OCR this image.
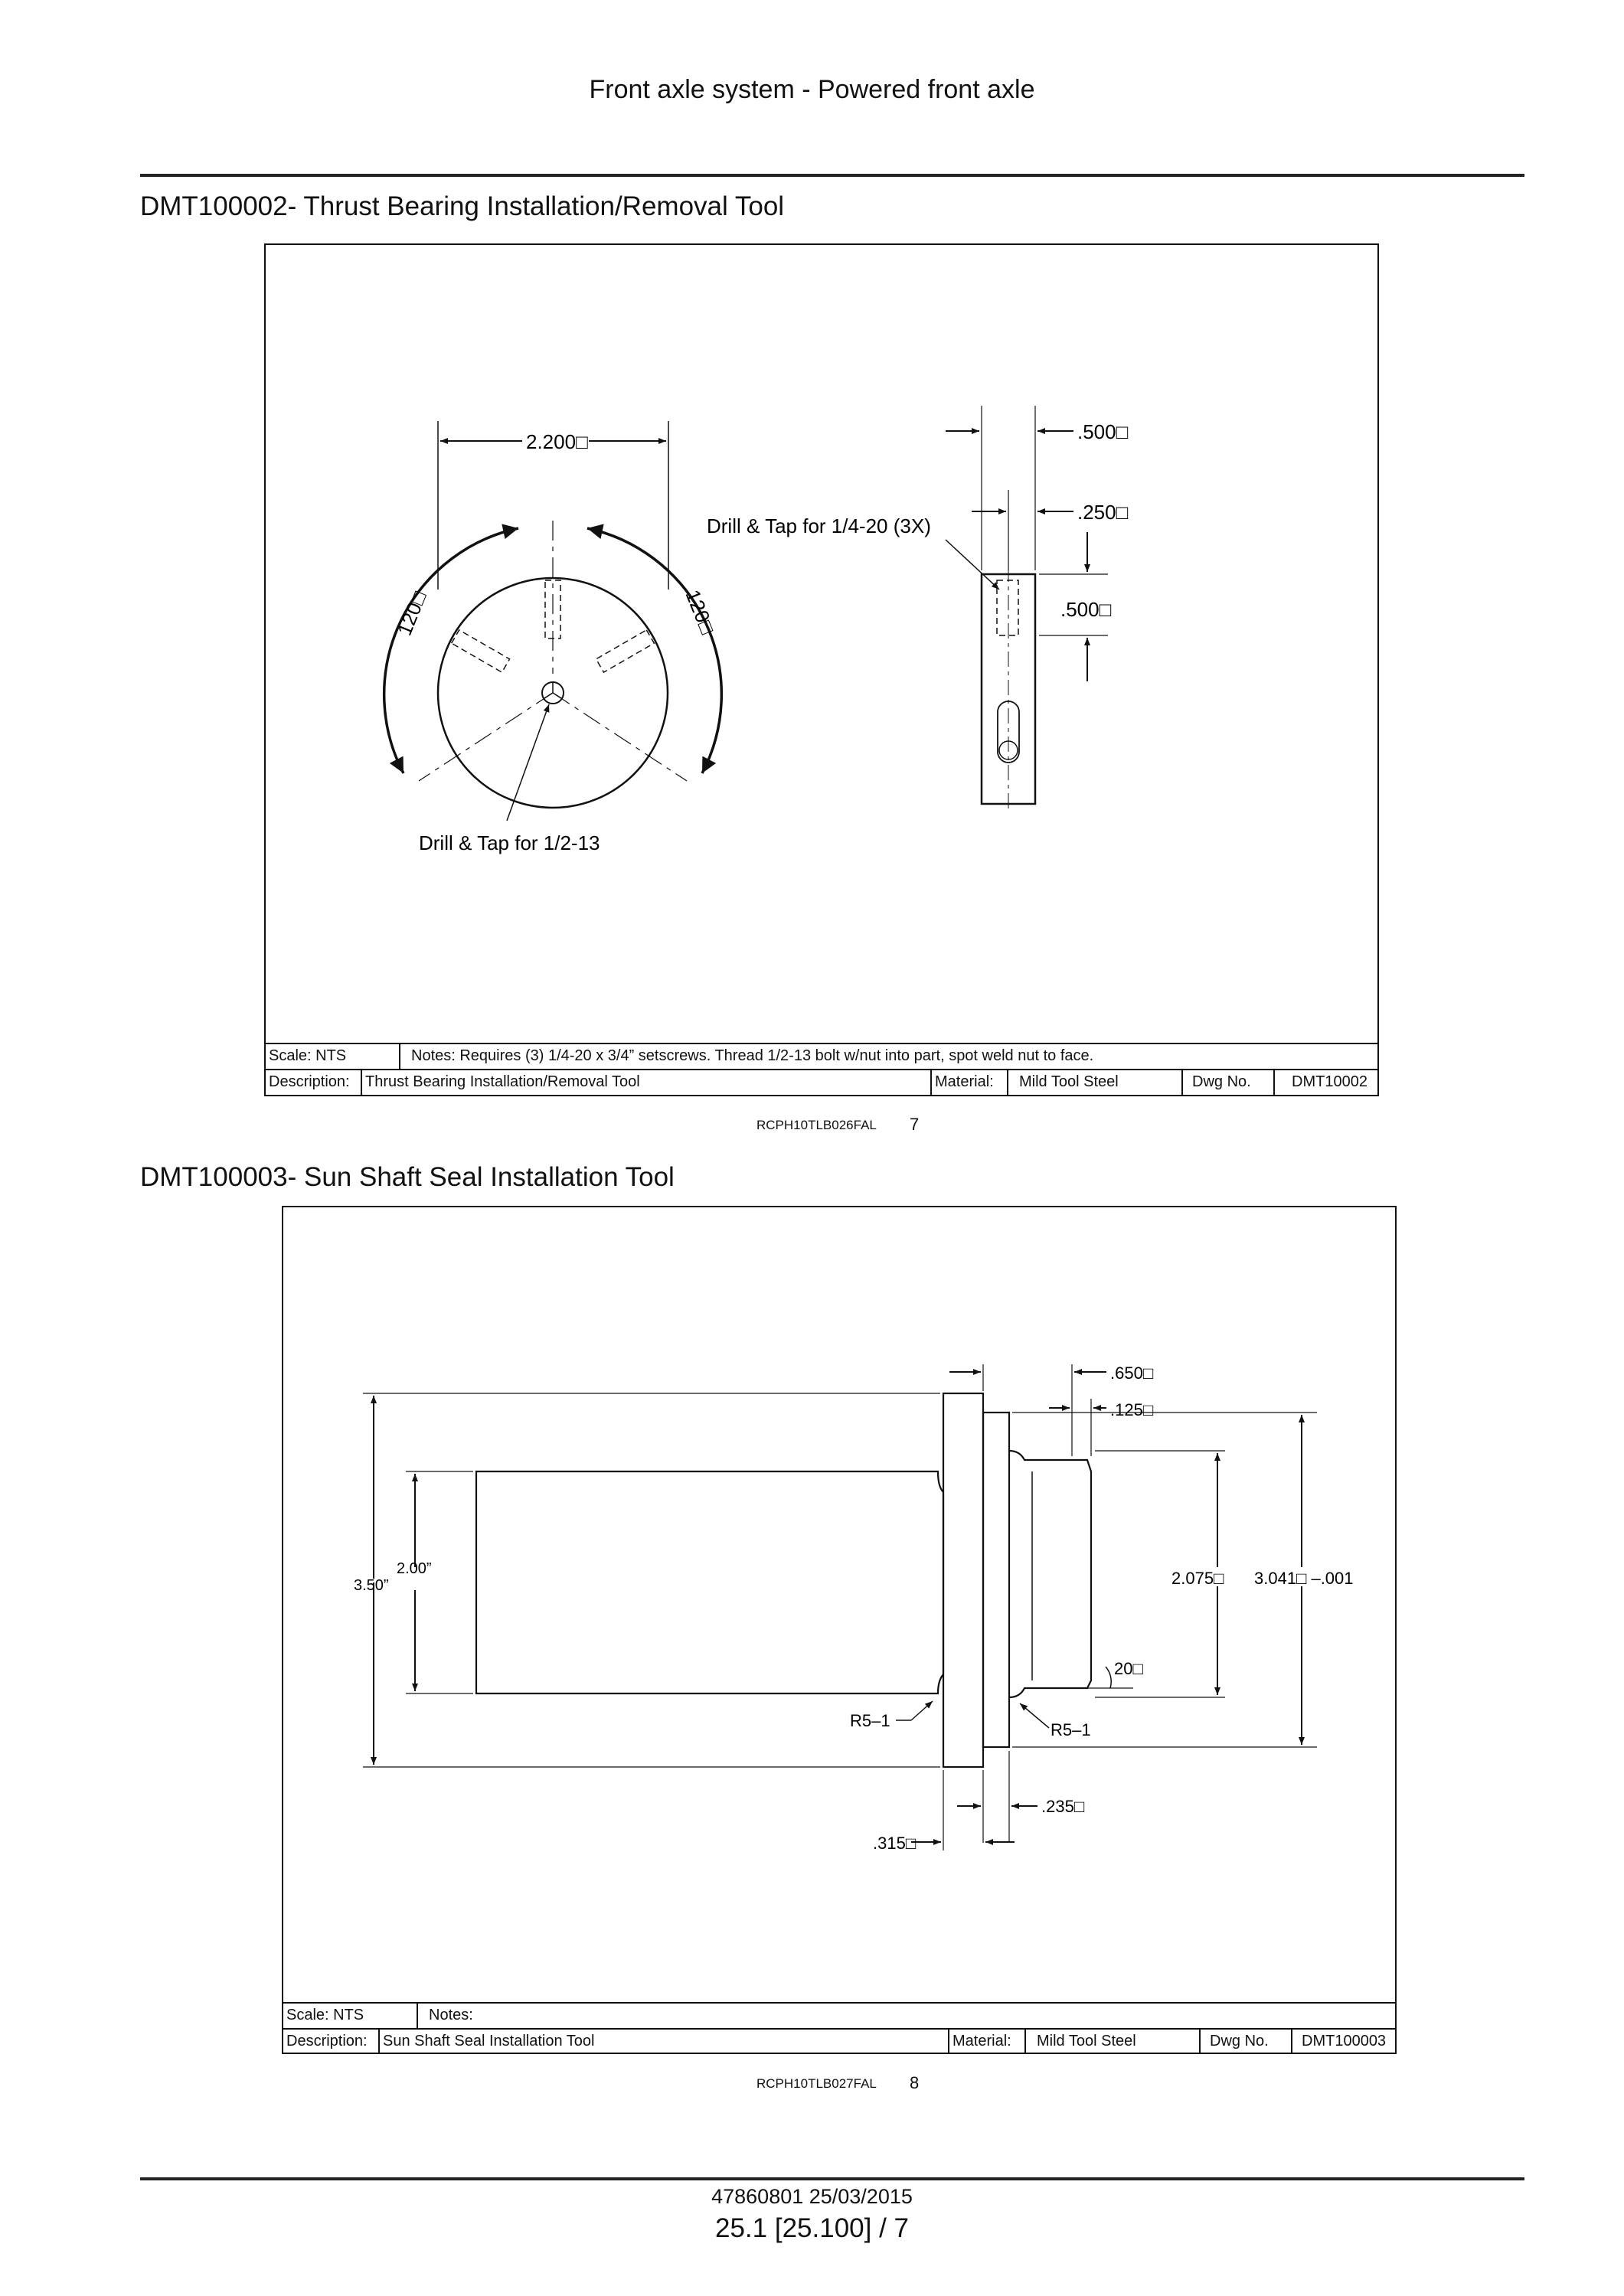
Front axle system - Powered front axle
DMT100002- Thrust Bearing Installation/Removal Tool
2.200□
120□	120□
Drill & Tap for 1/2-13
.500□
.250□
.500□
Drill & Tap for 1/4-20 (3X)
Scale: NTS	Notes: Requires (3) 1/4-20 x 3/4” setscrews. Thread 1/2-13 bolt w/nut into part, spot weld nut to face.
Description: Thrust Bearing Installation/Removal Tool	Material: Mild Tool Steel	Dwg No.	DMT10002
RCPH10TLB026FAL 7
DMT100003- Sun Shaft Seal Installation Tool
3.50”
2.00”
.650□
.125□
2.075□ 3.041□ –.001
20□
R5–1	R5–1
.235□
.315□
Scale: NTS	Notes:
Description: Sun Shaft Seal Installation Tool	Material: Mild Tool Steel	Dwg No. DMT100003
RCPH10TLB027FAL 8
47860801 25/03/2015
25.1 [25.100] / 7
